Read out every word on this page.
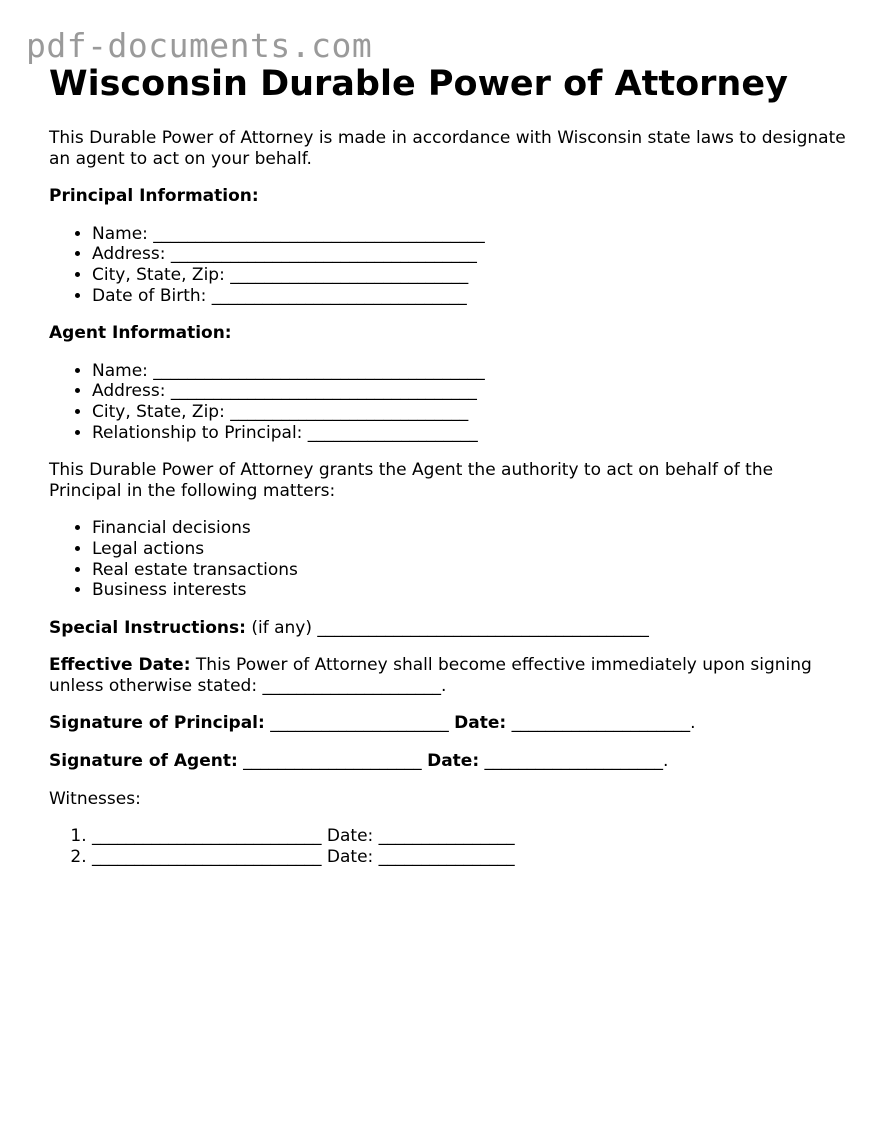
pdf-documents.com
Wisconsin Durable Power of Attorney

This Durable Power of Attorney is made in accordance with Wisconsin state laws to designate an agent to act on your behalf.

Principal Information:

• Name: _______________________________________
• Address: ____________________________________
• City, State, Zip: ____________________________
• Date of Birth: ______________________________

Agent Information:

• Name: _______________________________________
• Address: ____________________________________
• City, State, Zip: ____________________________
• Relationship to Principal: ____________________

This Durable Power of Attorney grants the Agent the authority to act on behalf of the Principal in the following matters:

• Financial decisions
• Legal actions
• Real estate transactions
• Business interests

Special Instructions: (if any) _______________________________________

Effective Date: This Power of Attorney shall become effective immediately upon signing unless otherwise stated: _____________________.

Signature of Principal: _____________________ Date: _____________________.

Signature of Agent: _____________________ Date: _____________________.

Witnesses:

1. ___________________________ Date: ________________
2. ___________________________ Date: ________________
